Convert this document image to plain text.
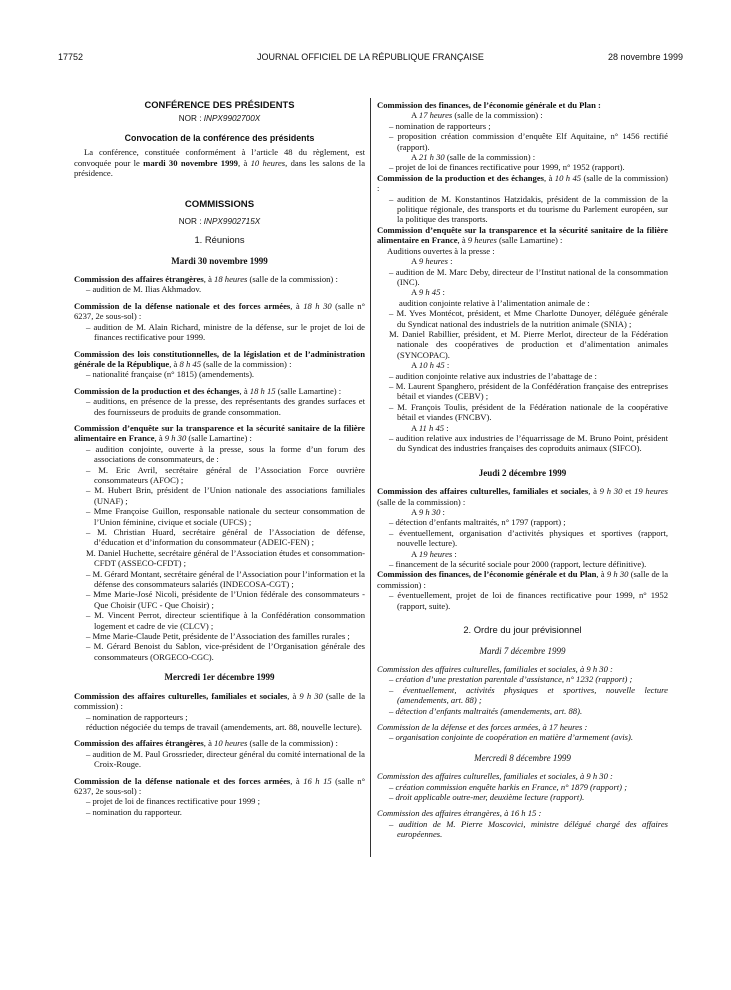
17752	JOURNAL OFFICIEL DE LA RÉPUBLIQUE FRANÇAISE	28 novembre 1999
CONFÉRENCE DES PRÉSIDENTS
NOR : INPX9902700X
Convocation de la conférence des présidents

La conférence, constituée conformément à l’article 48 du règlement, est convoquée pour le mardi 30 novembre 1999, à 10 heures, dans les salons de la présidence.

COMMISSIONS
NOR : INPX9902715X
1. Réunions
Mardi 30 novembre 1999

Commission des affaires étrangères, à 18 heures (salle de la commission) :

– audition de M. Ilias Akhmadov.

Commission de la défense nationale et des forces armées, à 18 h 30 (salle n° 6237, 2e sous-sol) :

– audition de M. Alain Richard, ministre de la défense, sur le projet de loi de finances rectificative pour 1999.

Commission des lois constitutionnelles, de la législation et de l’administration générale de la République, à 8 h 45 (salle de la commission) :

– nationalité française (n° 1815) (amendements).

Commission de la production et des échanges, à 18 h 15 (salle Lamartine) :

– auditions, en présence de la presse, des représentants des grandes surfaces et des fournisseurs de produits de grande consommation.

Commission d’enquête sur la transparence et la sécurité sanitaire de la filière alimentaire en France, à 9 h 30 (salle Lamartine) :

– audition conjointe, ouverte à la presse, sous la forme d’un forum des associations de consommateurs, de :

– M. Eric Avril, secrétaire général de l’Association Force ouvrière consommateurs (AFOC) ;

– M. Hubert Brin, président de l’Union nationale des associations familiales (UNAF) ;

– Mme Françoise Guillon, responsable nationale du secteur consommation de l’Union féminine, civique et sociale (UFCS) ;

– M. Christian Huard, secrétaire général de l’Association de défense, d’éducation et d’information du consommateur (ADEIC-FEN) ;

M. Daniel Huchette, secrétaire général de l’Association études et consommation-CFDT (ASSECO-CFDT) ;

– M. Gérard Montant, secrétaire général de l’Association pour l’information et la défense des consommateurs salariés (INDECOSA-CGT) ;

– Mme Marie-José Nicoli, présidente de l’Union fédérale des consommateurs - Que Choisir (UFC - Que Choisir) ;

– M. Vincent Perrot, directeur scientifique à la Confédération consommation logement et cadre de vie (CLCV) ;

– Mme Marie-Claude Petit, présidente de l’Association des familles rurales ;

– M. Gérard Benoist du Sablon, vice-président de l’Organisation générale des consommateurs (ORGECO-CGC).

Mercredi 1er décembre 1999

Commission des affaires culturelles, familiales et sociales, à 9 h 30 (salle de la commission) :

– nomination de rapporteurs ;

réduction négociée du temps de travail (amendements, art. 88, nouvelle lecture).

Commission des affaires étrangères, à 10 heures (salle de la commission) :

– audition de M. Paul Grossrieder, directeur général du comité international de la Croix-Rouge.

Commission de la défense nationale et des forces armées, à 16 h 15 (salle n° 6237, 2e sous-sol) :

– projet de loi de finances rectificative pour 1999 ;

– nomination du rapporteur.

Commission des finances, de l’économie générale et du Plan :

A 17 heures (salle de la commission) :

– nomination de rapporteurs ;

– proposition création commission d’enquête Elf Aquitaine, n° 1456 rectifié (rapport).

A 21 h 30 (salle de la commission) :

– projet de loi de finances rectificative pour 1999, n° 1952 (rapport).

Commission de la production et des échanges, à 10 h 45 (salle de la commission) :

– audition de M. Konstantinos Hatzidakis, président de la commission de la politique régionale, des transports et du tourisme du Parlement européen, sur la politique des transports.

Commission d’enquête sur la transparence et la sécurité sanitaire de la filière alimentaire en France, à 9 heures (salle Lamartine) :

Auditions ouvertes à la presse :

A 9 heures :

– audition de M. Marc Deby, directeur de l’Institut national de la consommation (INC).

A 9 h 45 :

audition conjointe relative à l’alimentation animale de :

– M. Yves Montécot, président, et Mme Charlotte Dunoyer, déléguée générale du Syndicat national des industriels de la nutrition animale (SNIA) ;

M. Daniel Rabillier, président, et M. Pierre Merlot, directeur de la Fédération nationale des coopératives de production et d’alimentation animales (SYNCOPAC).

A 10 h 45 :

– audition conjointe relative aux industries de l’abattage de :

– M. Laurent Spanghero, président de la Confédération française des entreprises bétail et viandes (CEBV) ;

– M. François Toulis, président de la Fédération nationale de la coopérative bétail et viandes (FNCBV).

A 11 h 45 :

– audition relative aux industries de l’équarrissage de M. Bruno Point, président du Syndicat des industries françaises des coproduits animaux (SIFCO).

Jeudi 2 décembre 1999

Commission des affaires culturelles, familiales et sociales, à 9 h 30 et 19 heures (salle de la commission) :

A 9 h 30 :

– détection d’enfants maltraités, n° 1797 (rapport) ;

– éventuellement, organisation d’activités physiques et sportives (rapport, nouvelle lecture).

A 19 heures :

– financement de la sécurité sociale pour 2000 (rapport, lecture définitive).

Commission des finances, de l’économie générale et du Plan, à 9 h 30 (salle de la commission) :

– éventuellement, projet de loi de finances rectificative pour 1999, n° 1952 (rapport, suite).

2. Ordre du jour prévisionnel
Mardi 7 décembre 1999

Commission des affaires culturelles, familiales et sociales, à 9 h 30 :

– création d’une prestation parentale d’assistance, n° 1232 (rapport) ;

– éventuellement, activités physiques et sportives, nouvelle lecture (amendements, art. 88) ;

– détection d’enfants maltraités (amendements, art. 88).

Commission de la défense et des forces armées, à 17 heures :

– organisation conjointe de coopération en matière d’armement (avis).

Mercredi 8 décembre 1999

Commission des affaires culturelles, familiales et sociales, à 9 h 30 :

– création commission enquête harkis en France, n° 1879 (rapport) ;

– droit applicable outre-mer, deuxième lecture (rapport).

Commission des affaires étrangères, à 16 h 15 :

– audition de M. Pierre Moscovici, ministre délégué chargé des affaires européennes.
